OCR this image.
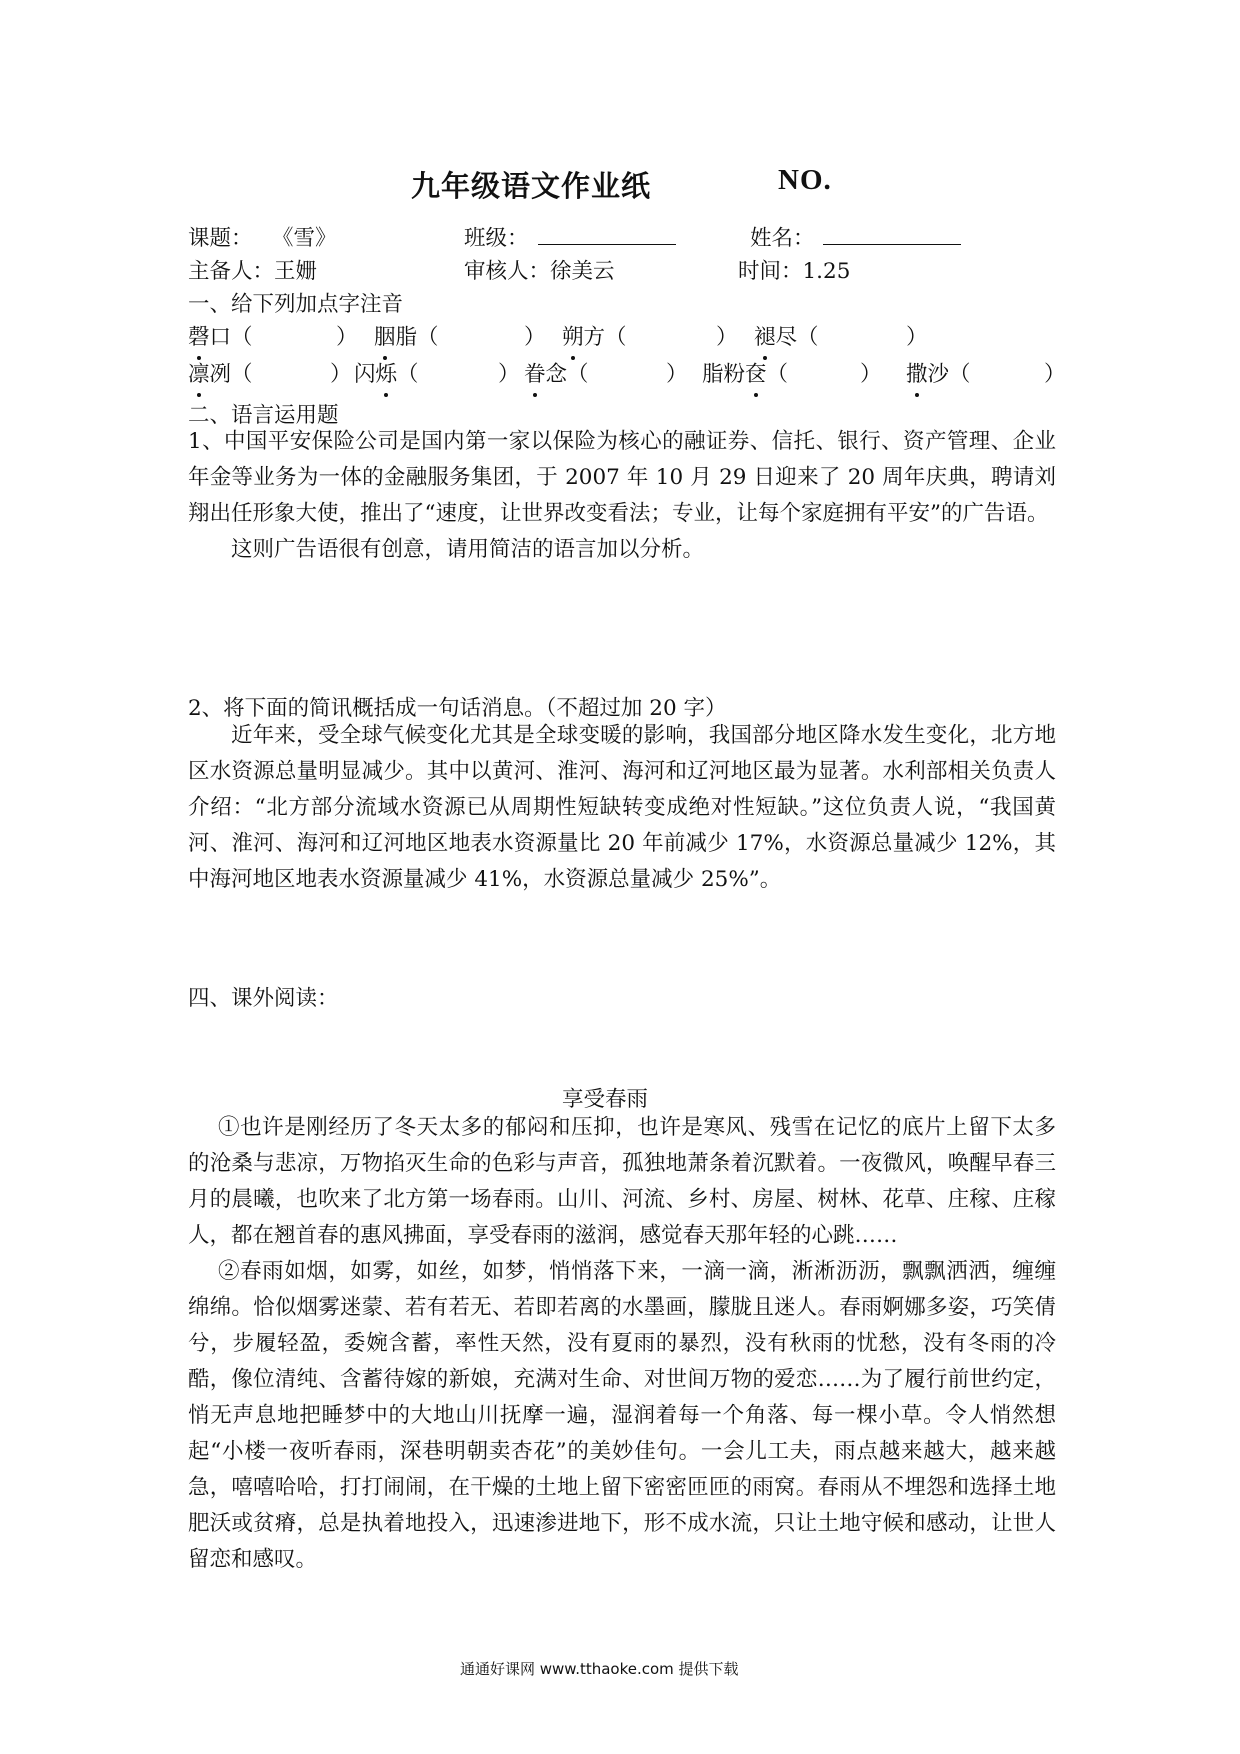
九年级语文作业纸	NO.
课题： 《雪》	班级：	姓名：
主备人：王姗	审核人：徐美云	时间：1.25
一、给下列加点字注音
磬口（	） 胭脂（	） 朔方（	） 褪尽（	）
凛冽（	） 闪烁（	） 眷念（	） 脂粉奁（	） 撒沙（	）
二、语言运用题

1、中国平安保险公司是国内第一家以保险为核心的融证券、信托、银行、资产管理、企业年金等业务为一体的金融服务集团，于 2007 年 10 月 29 日迎来了 20 周年庆典，聘请刘翔出任形象大使，推出了“速度，让世界改变看法；专业，让每个家庭拥有平安”的广告语。

这则广告语很有创意，请用简洁的语言加以分析。

2、将下面的简讯概括成一句话消息。（不超过加 20 字）

近年来，受全球气候变化尤其是全球变暖的影响，我国部分地区降水发生变化，北方地区水资源总量明显减少。其中以黄河、淮河、海河和辽河地区最为显著。水利部相关负责人介绍：“北方部分流域水资源已从周期性短缺转变成绝对性短缺。”这位负责人说，“我国黄河、淮河、海河和辽河地区地表水资源量比 20 年前减少 17%，水资源总量减少 12%，其中海河地区地表水资源量减少 41%，水资源总量减少 25%”。

四、课外阅读：
享受春雨

①也许是刚经历了冬天太多的郁闷和压抑，也许是寒风、残雪在记忆的底片上留下太多的沧桑与悲凉，万物掐灭生命的色彩与声音，孤独地萧条着沉默着。一夜微风，唤醒早春三月的晨曦，也吹来了北方第一场春雨。山川、河流、乡村、房屋、树林、花草、庄稼、庄稼人，都在翘首春的惠风拂面，享受春雨的滋润，感觉春天那年轻的心跳……

②春雨如烟，如雾，如丝，如梦，悄悄落下来，一滴一滴，淅淅沥沥，飘飘洒洒，缠缠绵绵。恰似烟雾迷蒙、若有若无、若即若离的水墨画，朦胧且迷人。春雨婀娜多姿，巧笑倩兮，步履轻盈，委婉含蓄，率性天然，没有夏雨的暴烈，没有秋雨的忧愁，没有冬雨的冷酷，像位清纯、含蓄待嫁的新娘，充满对生命、对世间万物的爱恋……为了履行前世约定，悄无声息地把睡梦中的大地山川抚摩一遍，湿润着每一个角落、每一棵小草。令人悄然想起“小楼一夜听春雨，深巷明朝卖杏花”的美妙佳句。一会儿工夫，雨点越来越大，越来越急，嘻嘻哈哈，打打闹闹，在干燥的土地上留下密密匝匝的雨窝。春雨从不埋怨和选择土地肥沃或贫瘠，总是执着地投入，迅速渗进地下，形不成水流，只让土地守候和感动，让世人留恋和感叹。

通通好课网 www.tthaoke.com 提供下载
